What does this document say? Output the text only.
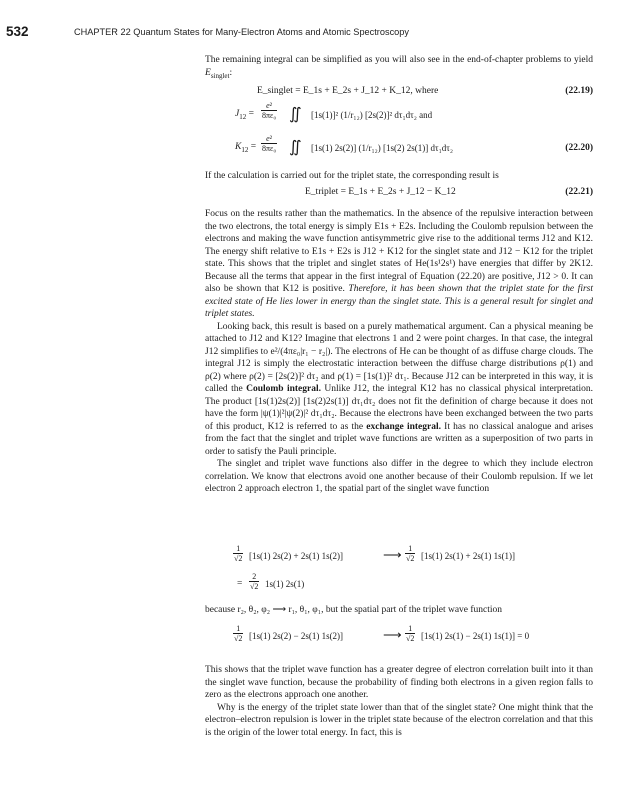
532	CHAPTER 22 Quantum States for Many-Electron Atoms and Atomic Spectroscopy

The remaining integral can be simplified as you will also see in the end-of-chapter problems to yield $E_{singlet}$:

E_singlet = E_1s + E_2s + J_12 + K_12, where	(22.19)
$J_{12} = \frac{\text{e²}}{\text{8πε₀}}$ ∬ [1s(1)]² (1/r₁₂) [2s(2)]² dτ₁dτ₂ and
$K_{12} = \frac{\text{e²}}{\text{8πε₀}}$ ∬ [1s(1) 2s(2)] (1/r₁₂) [1s(2) 2s(1)] dτ₁dτ₂	(22.20)

If the calculation is carried out for the triplet state, the corresponding result is

E_triplet = E_1s + E_2s + J_12 − K_12	(22.21)

Focus on the results rather than the mathematics. In the absence of the repulsive interaction between the two electrons, the total energy is simply E1s + E2s. Including the Coulomb repulsion between the electrons and making the wave function antisymmetric give rise to the additional terms J12 and K12. The energy shift relative to E1s + E2s is J12 + K12 for the singlet state and J12 − K12 for the triplet state. This shows that the triplet and singlet states of He(1s¹2s¹) have energies that differ by 2K12. Because all the terms that appear in the first integral of Equation (22.20) are positive, J12 > 0. It can also be shown that K12 is positive. Therefore, it has been shown that the triplet state for the first excited state of He lies lower in energy than the singlet state. This is a general result for singlet and triplet states.

Looking back, this result is based on a purely mathematical argument. Can a physical meaning be attached to J12 and K12? Imagine that electrons 1 and 2 were point charges. In that case, the integral J12 simplifies to e²/(4πε₀|r₁ − r₂|). The electrons of He can be thought of as diffuse charge clouds. The integral J12 is simply the electrostatic interaction between the diffuse charge distributions ρ(1) and ρ(2) where ρ(2) = [2s(2)]² dτ₂ and ρ(1) = [1s(1)]² dτ₁. Because J12 can be interpreted in this way, it is called the Coulomb integral. Unlike J12, the integral K12 has no classical physical interpretation. The product [1s(1)2s(2)] [1s(2)2s(1)] dτ₁dτ₂ does not fit the definition of charge because it does not have the form |ψ(1)|²|ψ(2)|² dτ₁dτ₂. Because the electrons have been exchanged between the two parts of this product, K12 is referred to as the exchange integral. It has no classical analogue and arises from the fact that the singlet and triplet wave functions are written as a superposition of two parts in order to satisfy the Pauli principle.

The singlet and triplet wave functions also differ in the degree to which they include electron correlation. We know that electrons avoid one another because of their Coulomb repulsion. If we let electron 2 approach electron 1, the spatial part of the singlet wave function

$\frac{1}{√2} [1s(1) 2s(2) + 2s(1)$ 1s(2)]	⟶ $\frac{1}{√2} [1s(1) 2s(1) + 2s(1)$ 1s(1)]
= $\frac{2}{√2} 1s(1)$ 2s(1)

because r₂, θ₂, φ₂ ⟶ r₁, θ₁, φ₁, but the spatial part of the triplet wave function

$\frac{1}{√2} [1s(1) 2s(2) - 2s(1)$ 1s(2)]	⟶ $\frac{1}{√2} [1s(1) 2s(1) - 2s(1) 1s(1)] = 0$

This shows that the triplet wave function has a greater degree of electron correlation built into it than the singlet wave function, because the probability of finding both electrons in a given region falls to zero as the electrons approach one another.

Why is the energy of the triplet state lower than that of the singlet state? One might think that the electron–electron repulsion is lower in the triplet state because of the electron correlation and that this is the origin of the lower total energy. In fact, this is
